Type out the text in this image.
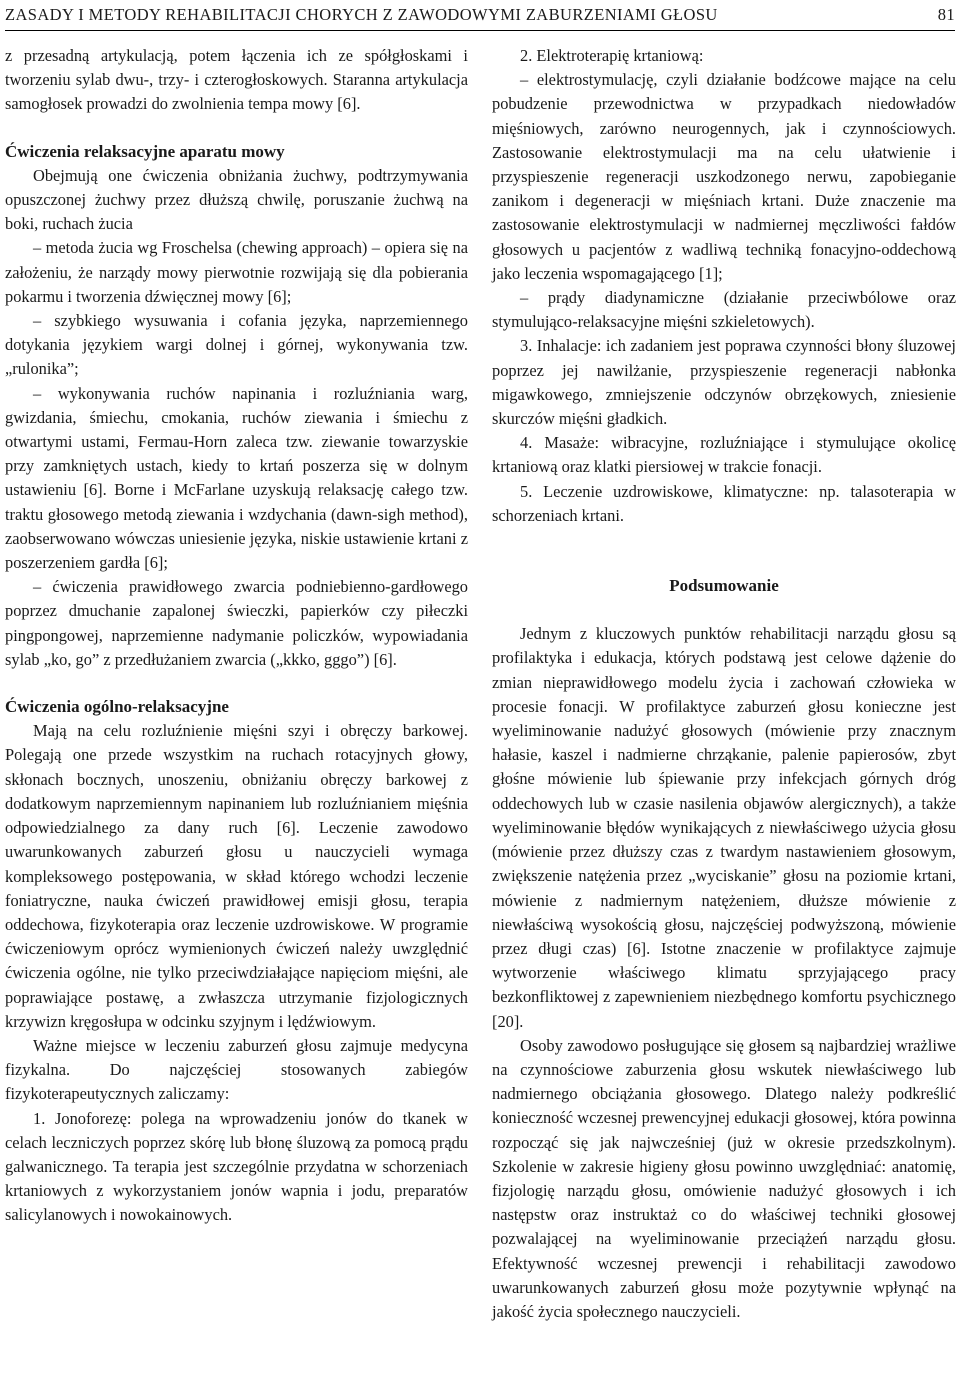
ZASADY I METODY REHABILITACJI CHORYCH Z ZAWODOWYMI ZABURZENIAMI GŁOSU	81

z przesadną artykulacją, potem łączenia ich ze spółgłoskami i tworzeniu sylab dwu-, trzy- i czterogłoskowych. Staranna artykulacja samogłosek prowadzi do zwolnienia tempa mowy [6].

Ćwiczenia relaksacyjne aparatu mowy

Obejmują one ćwiczenia obniżania żuchwy, podtrzymywania opuszczonej żuchwy przez dłuższą chwilę, poruszanie żuchwą na boki, ruchach żucia

– metoda żucia wg Froschelsa (chewing approach) – opiera się na założeniu, że narządy mowy pierwotnie rozwijają się dla pobierania pokarmu i tworzenia dźwięcznej mowy [6];

– szybkiego wysuwania i cofania języka, naprzemiennego dotykania językiem wargi dolnej i górnej, wykonywania tzw. „rulonika”;

– wykonywania ruchów napinania i rozluźniania warg, gwizdania, śmiechu, cmokania, ruchów ziewania i śmiechu z otwartymi ustami, Fermau-Horn zaleca tzw. ziewanie towarzyskie przy zamkniętych ustach, kiedy to krtań poszerza się w dolnym ustawieniu [6]. Borne i McFarlane uzyskują relaksację całego tzw. traktu głosowego metodą ziewania i wzdychania (dawn-sigh method), zaobserwowano wówczas uniesienie języka, niskie ustawienie krtani z poszerzeniem gardła [6];

– ćwiczenia prawidłowego zwarcia podniebienno-gardłowego poprzez dmuchanie zapalonej świeczki, papierków czy piłeczki pingpongowej, naprzemienne nadymanie policzków, wypowiadania sylab „ko, go” z przedłużaniem zwarcia („kkko, gggo”) [6].

Ćwiczenia ogólno-relaksacyjne

Mają na celu rozluźnienie mięśni szyi i obręczy barkowej. Polegają one przede wszystkim na ruchach rotacyjnych głowy, skłonach bocznych, unoszeniu, obniżaniu obręczy barkowej z dodatkowym naprzemiennym napinaniem lub rozluźnianiem mięśnia odpowiedzialnego za dany ruch [6]. Leczenie zawodowo uwarunkowanych zaburzeń głosu u nauczycieli wymaga kompleksowego postępowania, w skład którego wchodzi leczenie foniatryczne, nauka ćwiczeń prawidłowej emisji głosu, terapia oddechowa, fizykoterapia oraz leczenie uzdrowiskowe. W programie ćwiczeniowym oprócz wymienionych ćwiczeń należy uwzględnić ćwiczenia ogólne, nie tylko przeciwdziałające napięciom mięśni, ale poprawiające postawę, a zwłaszcza utrzymanie fizjologicznych krzywizn kręgosłupa w odcinku szyjnym i lędźwiowym.

Ważne miejsce w leczeniu zaburzeń głosu zajmuje medycyna fizykalna. Do najczęściej stosowanych zabiegów fizykoterapeutycznych zaliczamy:

1. Jonoforezę: polega na wprowadzeniu jonów do tkanek w celach leczniczych poprzez skórę lub błonę śluzową za pomocą prądu galwanicznego. Ta terapia jest szczególnie przydatna w schorzeniach krtaniowych z wykorzystaniem jonów wapnia i jodu, preparatów salicylanowych i nowokainowych.

2. Elektroterapię krtaniową:

– elektrostymulację, czyli działanie bodźcowe mające na celu pobudzenie przewodnictwa w przypadkach niedowładów mięśniowych, zarówno neurogennych, jak i czynnościowych. Zastosowanie elektrostymulacji ma na celu ułatwienie i przyspieszenie regeneracji uszkodzonego nerwu, zapobieganie zanikom i degeneracji w mięśniach krtani. Duże znaczenie ma zastosowanie elektrostymulacji w nadmiernej męczliwości fałdów głosowych u pacjentów z wadliwą techniką fonacyjno-oddechową jako leczenia wspomagającego [1];

– prądy diadynamiczne (działanie przeciwbólowe oraz stymulująco-relaksacyjne mięśni szkieletowych).

3. Inhalacje: ich zadaniem jest poprawa czynności błony śluzowej poprzez jej nawilżanie, przyspieszenie regeneracji nabłonka migawkowego, zmniejszenie odczynów obrzękowych, zniesienie skurczów mięśni gładkich.

4. Masaże: wibracyjne, rozluźniające i stymulujące okolicę krtaniową oraz klatki piersiowej w trakcie fonacji.

5. Leczenie uzdrowiskowe, klimatyczne: np. talasoterapia w schorzeniach krtani.

Podsumowanie

Jednym z kluczowych punktów rehabilitacji narządu głosu są profilaktyka i edukacja, których podstawą jest celowe dążenie do zmian nieprawidłowego modelu życia i zachowań człowieka w procesie fonacji. W profilaktyce zaburzeń głosu konieczne jest wyeliminowanie nadużyć głosowych (mówienie przy znacznym hałasie, kaszel i nadmierne chrząkanie, palenie papierosów, zbyt głośne mówienie lub śpiewanie przy infekcjach górnych dróg oddechowych lub w czasie nasilenia objawów alergicznych), a także wyeliminowanie błędów wynikających z niewłaściwego użycia głosu (mówienie przez dłuższy czas z twardym nastawieniem głosowym, zwiększenie natężenia przez „wyciskanie” głosu na poziomie krtani, mówienie z nadmiernym natężeniem, dłuższe mówienie z niewłaściwą wysokością głosu, najczęściej podwyższoną, mówienie przez długi czas) [6]. Istotne znaczenie w profilaktyce zajmuje wytworzenie właściwego klimatu sprzyjającego pracy bezkonfliktowej z zapewnieniem niezbędnego komfortu psychicznego [20].

Osoby zawodowo posługujące się głosem są najbardziej wrażliwe na czynnościowe zaburzenia głosu wskutek niewłaściwego lub nadmiernego obciążania głosowego. Dlatego należy podkreślić konieczność wczesnej prewencyjnej edukacji głosowej, która powinna rozpocząć się jak najwcześniej (już w okresie przedszkolnym). Szkolenie w zakresie higieny głosu powinno uwzględniać: anatomię, fizjologię narządu głosu, omówienie nadużyć głosowych i ich następstw oraz instruktaż co do właściwej techniki głosowej pozwalającej na wyeliminowanie przeciążeń narządu głosu. Efektywność wczesnej prewencji i rehabilitacji zawodowo uwarunkowanych zaburzeń głosu może pozytywnie wpłynąć na jakość życia społecznego nauczycieli.
